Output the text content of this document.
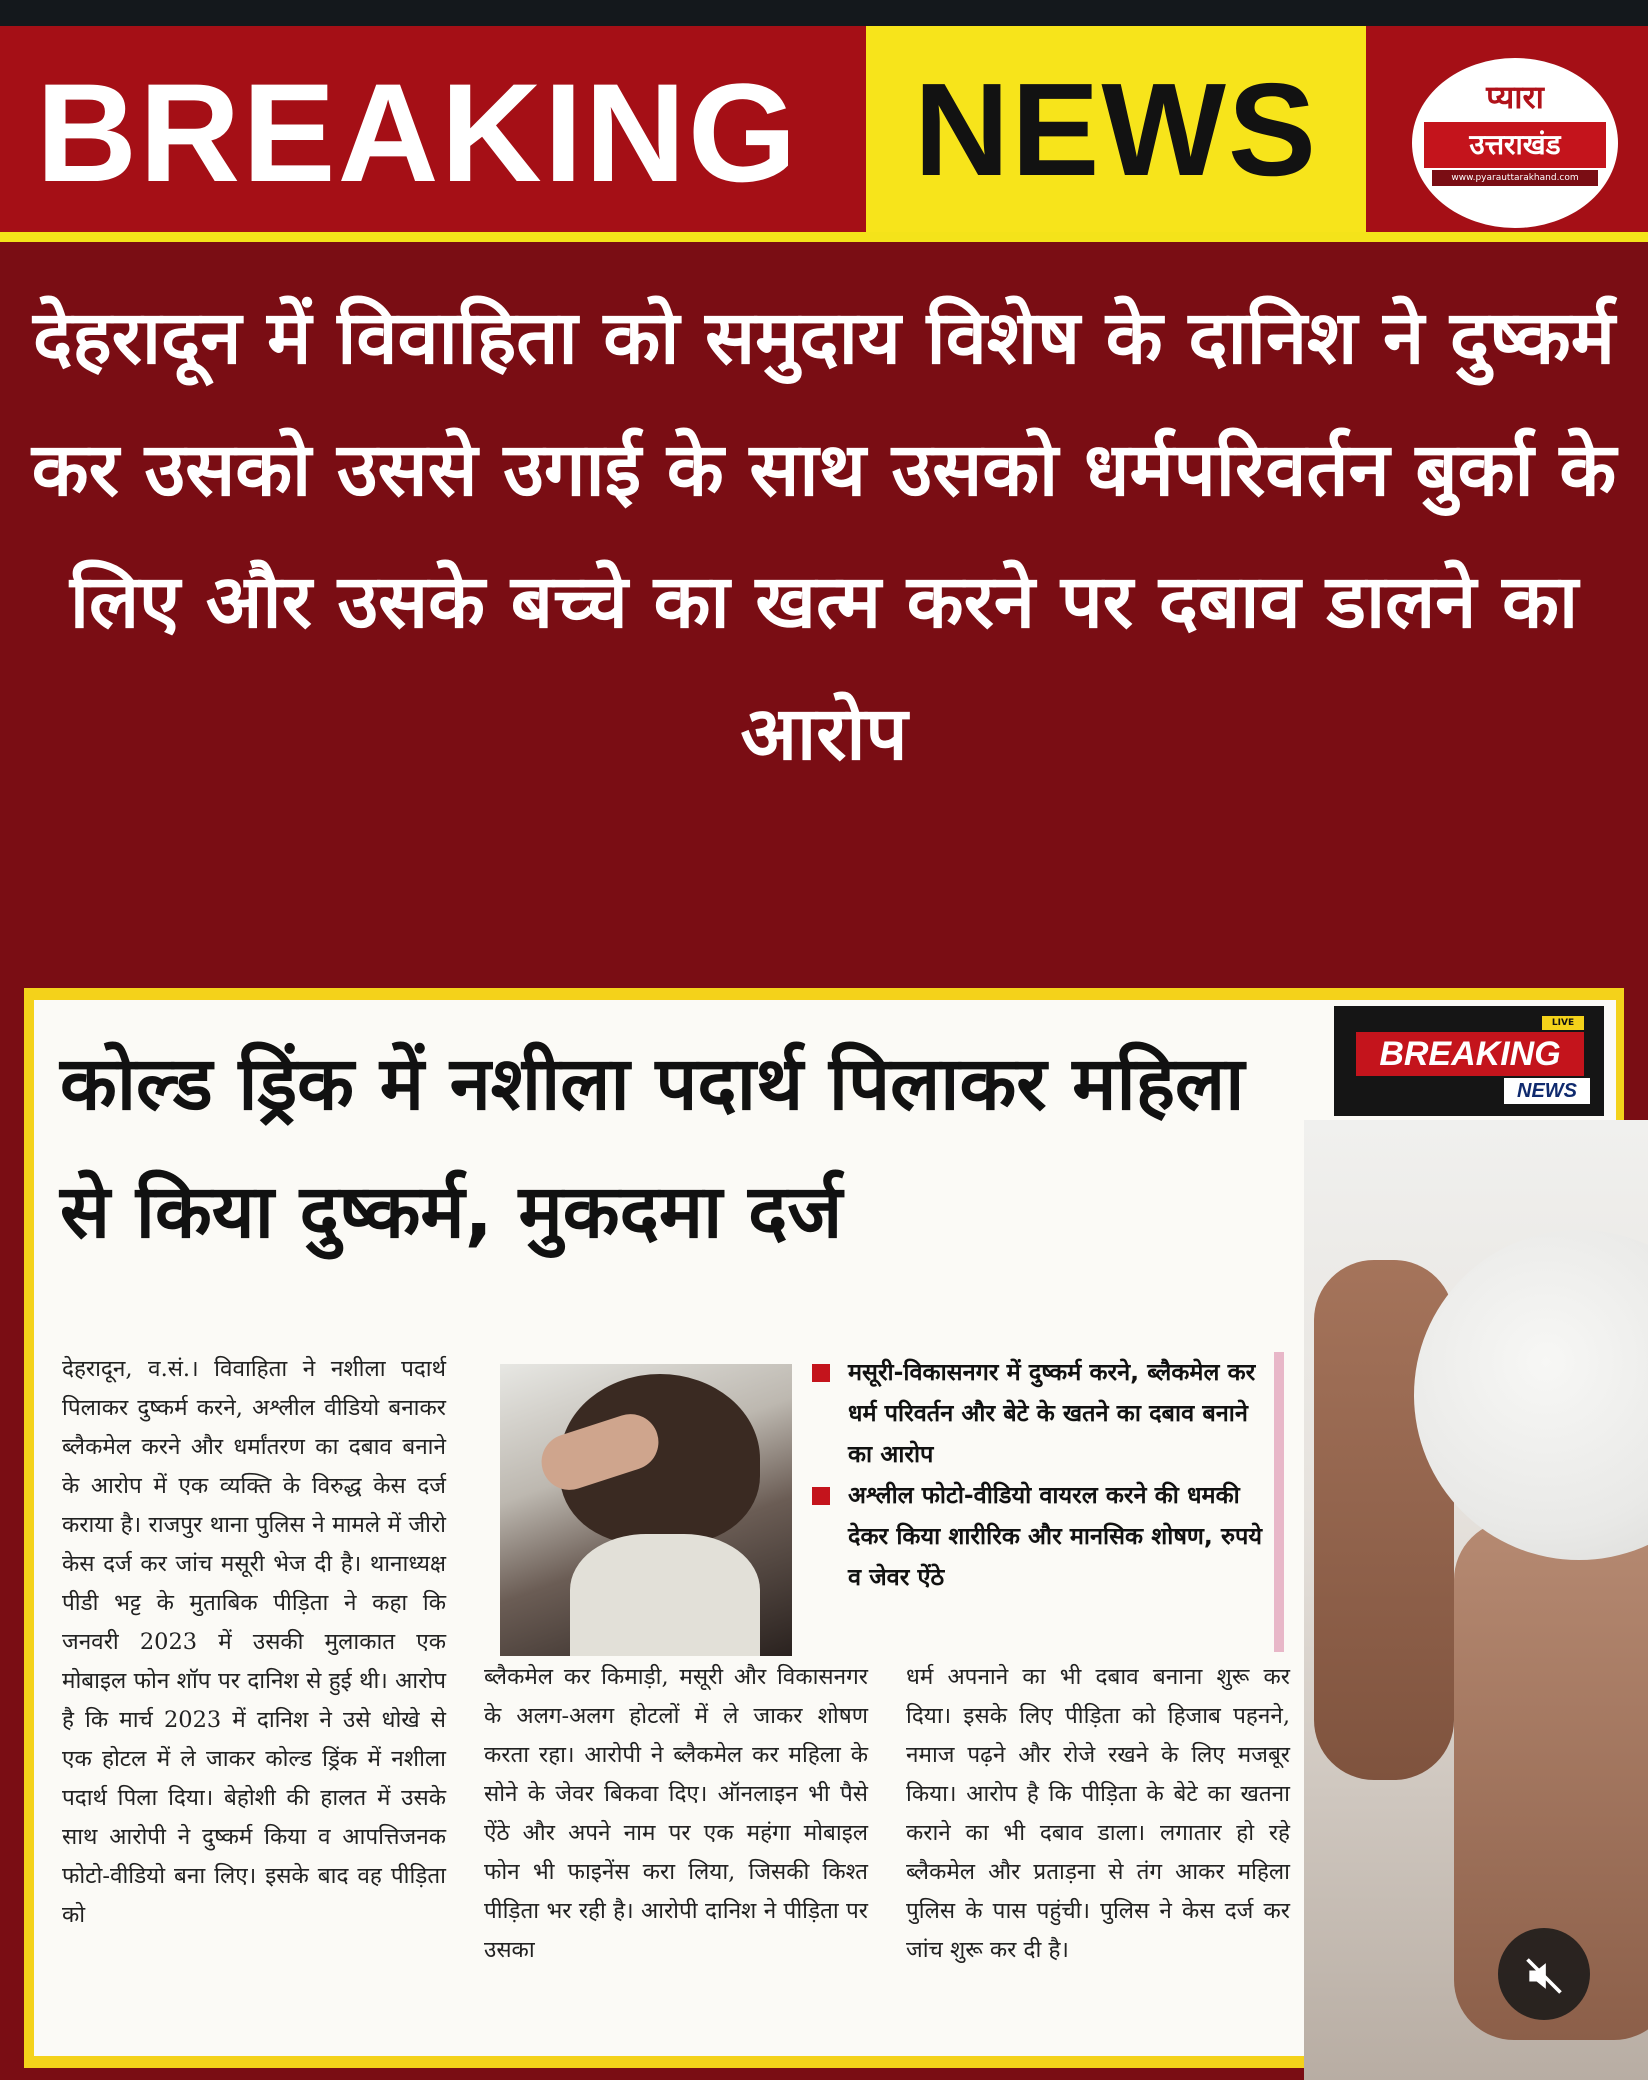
BREAKING NEWS	प्यारा
उत्तराखंड
www.pyarauttarakhand.com
देहरादून में विवाहिता को समुदाय विशेष के दानिश ने दुष्कर्म कर उसको उससे उगाई के साथ उसको धर्मपरिवर्तन बुर्का के लिए और उसके बच्चे का खत्म करने पर दबाव डालने का आरोप
कोल्ड ड्रिंक में नशीला पदार्थ पिलाकर महिला से किया दुष्कर्म, मुकदमा दर्ज
देहरादून, व.सं.। विवाहिता ने नशीला पदार्थ पिलाकर दुष्कर्म करने, अश्लील वीडियो बनाकर ब्लैकमेल करने और धर्मांतरण का दबाव बनाने के आरोप में एक व्यक्ति के विरुद्ध केस दर्ज कराया है। राजपुर थाना पुलिस ने मामले में जीरो केस दर्ज कर जांच मसूरी भेज दी है। थानाध्यक्ष पीडी भट्ट के मुताबिक पीड़िता ने कहा कि जनवरी 2023 में उसकी मुलाकात एक मोबाइल फोन शॉप पर दानिश से हुई थी। आरोप है कि मार्च 2023 में दानिश ने उसे धोखे से एक होटल में ले जाकर कोल्ड ड्रिंक में नशीला पदार्थ पिला दिया। बेहोशी की हालत में उसके साथ आरोपी ने दुष्कर्म किया व आपत्तिजनक फोटो-वीडियो बना लिए। इसके बाद वह पीड़िता को
मसूरी-विकासनगर में दुष्कर्म करने, ब्लैकमेल कर धर्म परिवर्तन और बेटे के खतने का दबाव बनाने का आरोप
अश्लील फोटो-वीडियो वायरल करने की धमकी देकर किया शारीरिक और मानसिक शोषण, रुपये व जेवर ऐंठे
ब्लैकमेल कर किमाड़ी, मसूरी और विकासनगर के अलग-अलग होटलों में ले जाकर शोषण करता रहा। आरोपी ने ब्लैकमेल कर महिला के सोने के जेवर बिकवा दिए। ऑनलाइन भी पैसे ऐंठे और अपने नाम पर एक महंगा मोबाइल फोन भी फाइनेंस करा लिया, जिसकी किश्त पीड़िता भर रही है। आरोपी दानिश ने पीड़िता पर उसका
धर्म अपनाने का भी दबाव बनाना शुरू कर दिया। इसके लिए पीड़िता को हिजाब पहनने, नमाज पढ़ने और रोजे रखने के लिए मजबूर किया। आरोप है कि पीड़िता के बेटे का खतना कराने का भी दबाव डाला। लगातार हो रहे ब्लैकमेल और प्रताड़ना से तंग आकर महिला पुलिस के पास पहुंची। पुलिस ने केस दर्ज कर जांच शुरू कर दी है।
LIVE
BREAKING
NEWS
